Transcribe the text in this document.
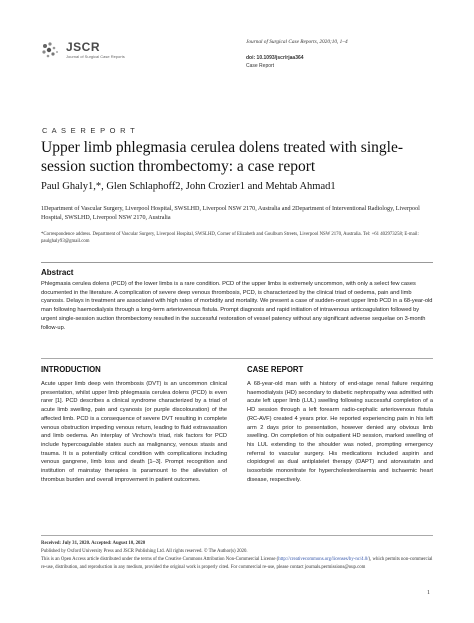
JSCR
Journal of Surgical Case Reports
Journal of Surgical Case Reports, 2020;10, 1–4
doi: 10.1093/jscr/rjaa364
Case Report
C A S E R E P O R T
Upper limb phlegmasia cerulea dolens treated with single-session suction thrombectomy: a case report
Paul Ghaly1,*, Glen Schlaphoff2, John Crozier1 and Mehtab Ahmad1
1Department of Vascular Surgery, Liverpool Hospital, SWSLHD, Liverpool NSW 2170, Australia and 2Department of Interventional Radiology, Liverpool Hospital, SWSLHD, Liverpool NSW 2170, Australia
*Correspondence address. Department of Vascular Surgery, Liverpool Hospital, SWSLHD, Corner of Elizabeth and Goulburn Streets, Liverpool NSW 2170, Australia. Tel: +61 402973258; E-mail: paulghaly93@gmail.com
Abstract
Phlegmasia cerulea dolens (PCD) of the lower limbs is a rare condition. PCD of the upper limbs is extremely uncommon, with only a select few cases documented in the literature. A complication of severe deep venous thrombosis, PCD, is characterized by the clinical triad of oedema, pain and limb cyanosis. Delays in treatment are associated with high rates of morbidity and mortality. We present a case of sudden-onset upper limb PCD in a 68-year-old man following haemodialysis through a long-term arteriovenous fistula. Prompt diagnosis and rapid initiation of intravenous anticoagulation followed by urgent single-session suction thrombectomy resulted in the successful restoration of vessel patency without any significant adverse sequelae on 3-month follow-up.
INTRODUCTION
Acute upper limb deep vein thrombosis (DVT) is an uncommon clinical presentation, whilst upper limb phlegmasia cerulea dolens (PCD) is even rarer [1]. PCD describes a clinical syndrome characterized by a triad of acute limb swelling, pain and cyanosis (or purple discolouration) of the affected limb. PCD is a consequence of severe DVT resulting in complete venous obstruction impeding venous return, leading to fluid extravasation and limb oedema. An interplay of Virchow's triad, risk factors for PCD include hypercoagulable states such as malignancy, venous stasis and trauma. It is a potentially critical condition with complications including venous gangrene, limb loss and death [1–3]. Prompt recognition and institution of mainstay therapies is paramount to the alleviation of thrombus burden and overall improvement in patient outcomes.
CASE REPORT
A 68-year-old man with a history of end-stage renal failure requiring haemodialysis (HD) secondary to diabetic nephropathy was admitted with acute left upper limb (LUL) swelling following successful completion of a HD session through a left forearm radio-cephalic arteriovenous fistula (RC-AVF) created 4 years prior. He reported experiencing pain in his left arm 2 days prior to presentation, however denied any obvious limb swelling. On completion of his outpatient HD session, marked swelling of his LUL extending to the shoulder was noted, prompting emergency referral to vascular surgery. His medications included aspirin and clopidogrel as dual antiplatelet therapy (DAPT) and atorvastatin and isosorbide mononitrate for hypercholesterolaemia and ischaemic heart disease, respectively.
Received: July 31, 2020. Accepted: August 10, 2020
Published by Oxford University Press and JSCR Publishing Ltd. All rights reserved. © The Author(s) 2020.
This is an Open Access article distributed under the terms of the Creative Commons Attribution Non-Commercial License (http://creativecommons.org/licenses/by-nc/4.0/), which permits non-commercial re-use, distribution, and reproduction in any medium, provided the original work is properly cited. For commercial re-use, please contact journals.permissions@oup.com
1
